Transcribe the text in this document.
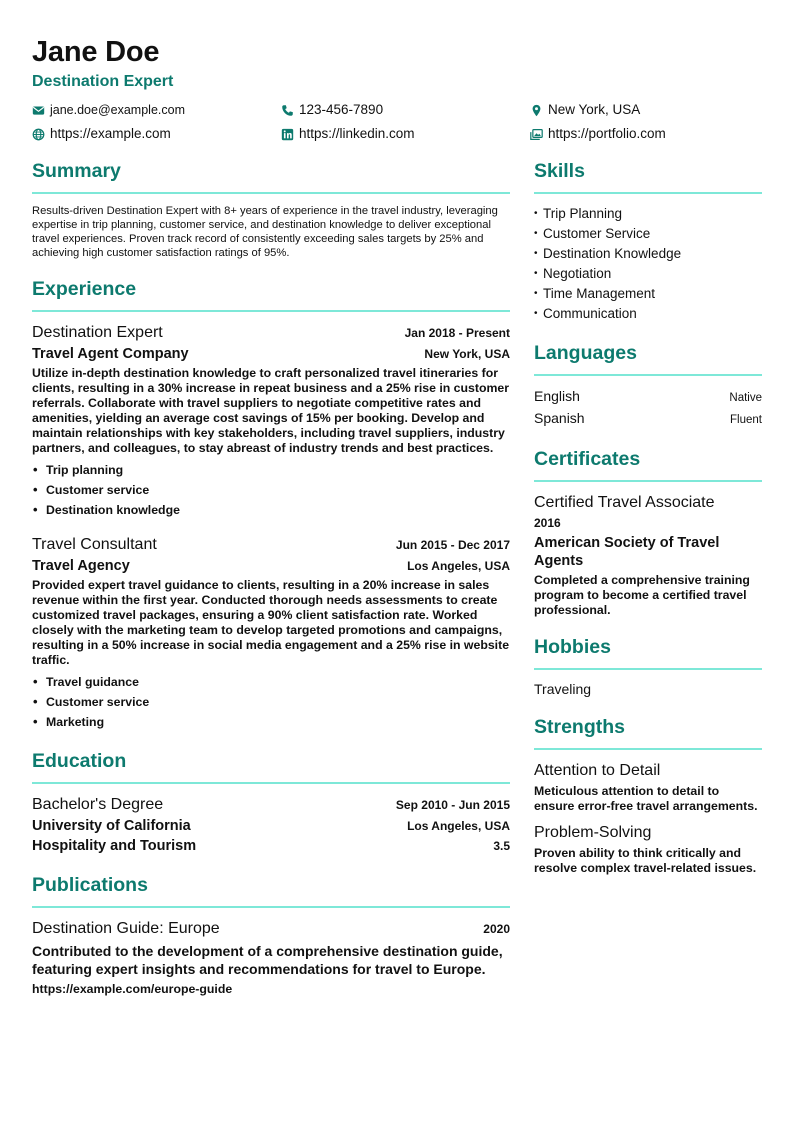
Jane Doe
Destination Expert
jane.doe@example.com	123-456-7890	New York, USA
https://example.com	https://linkedin.com	https://portfolio.com
Summary
Results-driven Destination Expert with 8+ years of experience in the travel industry, leveraging expertise in trip planning, customer service, and destination knowledge to deliver exceptional travel experiences. Proven track record of consistently exceeding sales targets by 25% and achieving high customer satisfaction ratings of 95%.
Experience
Destination Expert	Jan 2018 - Present
Travel Agent Company	New York, USA
Utilize in-depth destination knowledge to craft personalized travel itineraries for clients, resulting in a 30% increase in repeat business and a 25% rise in customer referrals. Collaborate with travel suppliers to negotiate competitive rates and amenities, yielding an average cost savings of 15% per booking. Develop and maintain relationships with key stakeholders, including travel suppliers, industry partners, and colleagues, to stay abreast of industry trends and best practices.
• Trip planning
• Customer service
• Destination knowledge
Travel Consultant	Jun 2015 - Dec 2017
Travel Agency	Los Angeles, USA
Provided expert travel guidance to clients, resulting in a 20% increase in sales revenue within the first year. Conducted thorough needs assessments to create customized travel packages, ensuring a 90% client satisfaction rate. Worked closely with the marketing team to develop targeted promotions and campaigns, resulting in a 50% increase in social media engagement and a 25% rise in website traffic.
• Travel guidance
• Customer service
• Marketing
Education
Bachelor's Degree	Sep 2010 - Jun 2015
University of California	Los Angeles, USA
Hospitality and Tourism	3.5
Publications
Destination Guide: Europe	2020
Contributed to the development of a comprehensive destination guide, featuring expert insights and recommendations for travel to Europe.
https://example.com/europe-guide
Skills
• Trip Planning
• Customer Service
• Destination Knowledge
• Negotiation
• Time Management
• Communication
Languages
English	Native
Spanish	Fluent
Certificates
Certified Travel Associate
2016
American Society of Travel Agents
Completed a comprehensive training program to become a certified travel professional.
Hobbies
Traveling
Strengths
Attention to Detail
Meticulous attention to detail to ensure error-free travel arrangements.
Problem-Solving
Proven ability to think critically and resolve complex travel-related issues.
